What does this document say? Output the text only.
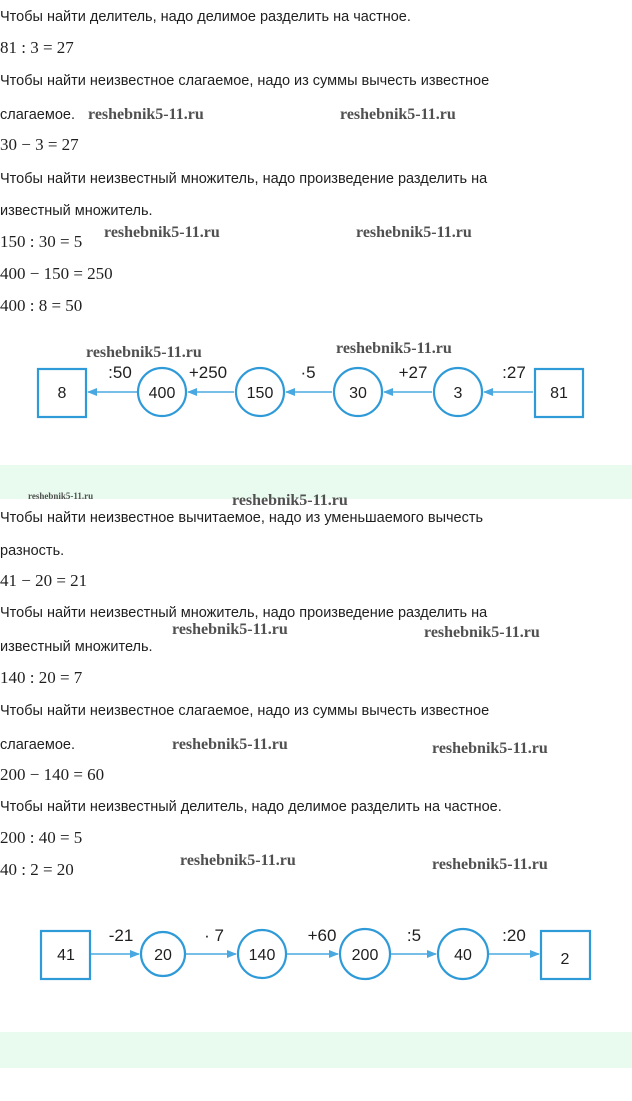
Чтобы найти делитель, надо делимое разделить на частное.
81 : 3 = 27
Чтобы найти неизвестное слагаемое, надо из суммы вычесть известное
слагаемое.
30 − 3 = 27
Чтобы найти неизвестный множитель, надо произведение разделить на
известный множитель.
150 : 30 = 5
400 − 150 = 250
400 : 8 = 50
8	400	150	30	3	81
:50	+250	·5	+27	:27
Чтобы найти неизвестное вычитаемое, надо из уменьшаемого вычесть
разность.
41 − 20 = 21
Чтобы найти неизвестный множитель, надо произведение разделить на
известный множитель.
140 : 20 = 7
Чтобы найти неизвестное слагаемое, надо из суммы вычесть известное
слагаемое.
200 − 140 = 60
Чтобы найти неизвестный делитель, надо делимое разделить на частное.
200 : 40 = 5
40 : 2 = 20
41	20	140	200	40	2
-21	· 7	+60	:5	:20
reshebnik5-11.ru	reshebnik5-11.ru
reshebnik5-11.ru	reshebnik5-11.ru
reshebnik5-11.ru	reshebnik5-11.ru
reshebnik5-11.ru	reshebnik5-11.ru
reshebnik5-11.ru	reshebnik5-11.ru
reshebnik5-11.ru	reshebnik5-11.ru
reshebnik5-11.ru	reshebnik5-11.ru
